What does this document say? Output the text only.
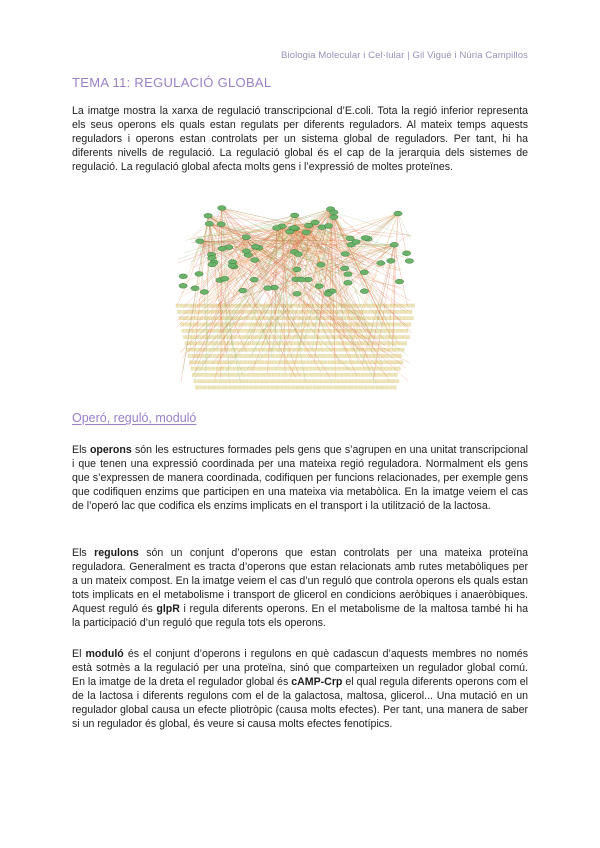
Biologia Molecular i Cel·lular | Gil Viguè i Núria Campillos
TEMA 11: REGULACIÓ GLOBAL

La imatge mostra la xarxa de regulació transcripcional d’E.coli. Tota la regió inferior representa els seus operons els quals estan regulats per diferents reguladors. Al mateix temps aquests reguladors i operons estan controlats per un sistema global de reguladors. Per tant, hi ha diferents nivells de regulació. La regulació global és el cap de la jerarquia dels sistemes de regulació. La regulació global afecta molts gens i l’expressió de moltes proteïnes.

Operó, reguló, moduló

Els operons són les estructures formades pels gens que s’agrupen en una unitat transcripcional i que tenen una expressió coordinada per una mateixa regió reguladora. Normalment els gens que s’expressen de manera coordinada, codifiquen per funcions relacionades, per exemple gens que codifiquen enzims que participen en una mateixa via metabòlica. En la imatge veiem el cas de l’operó lac que codifica els enzims implicats en el transport i la utilització de la lactosa.

Els regulons són un conjunt d’operons que estan controlats per una mateixa proteïna reguladora. Generalment es tracta d’operons que estan relacionats amb rutes metabòliques per a un mateix compost. En la imatge veiem el cas d’un reguló que controla operons els quals estan tots implicats en el metabolisme i transport de glicerol en condicions aeròbiques i anaeròbiques. Aquest reguló és glpR i regula diferents operons. En el metabolisme de la maltosa també hi ha la participació d’un reguló que regula tots els operons.

El moduló és el conjunt d’operons i regulons en què cadascun d’aquests membres no només està sotmès a la regulació per una proteïna, sinó que comparteixen un regulador global comú. En la imatge de la dreta el regulador global és cAMP-Crp el qual regula diferents operons com el de la lactosa i diferents regulons com el de la galactosa, maltosa, glicerol... Una mutació en un regulador global causa un efecte pliotròpic (causa molts efectes). Per tant, una manera de saber si un regulador és global, és veure si causa molts efectes fenotípics.
